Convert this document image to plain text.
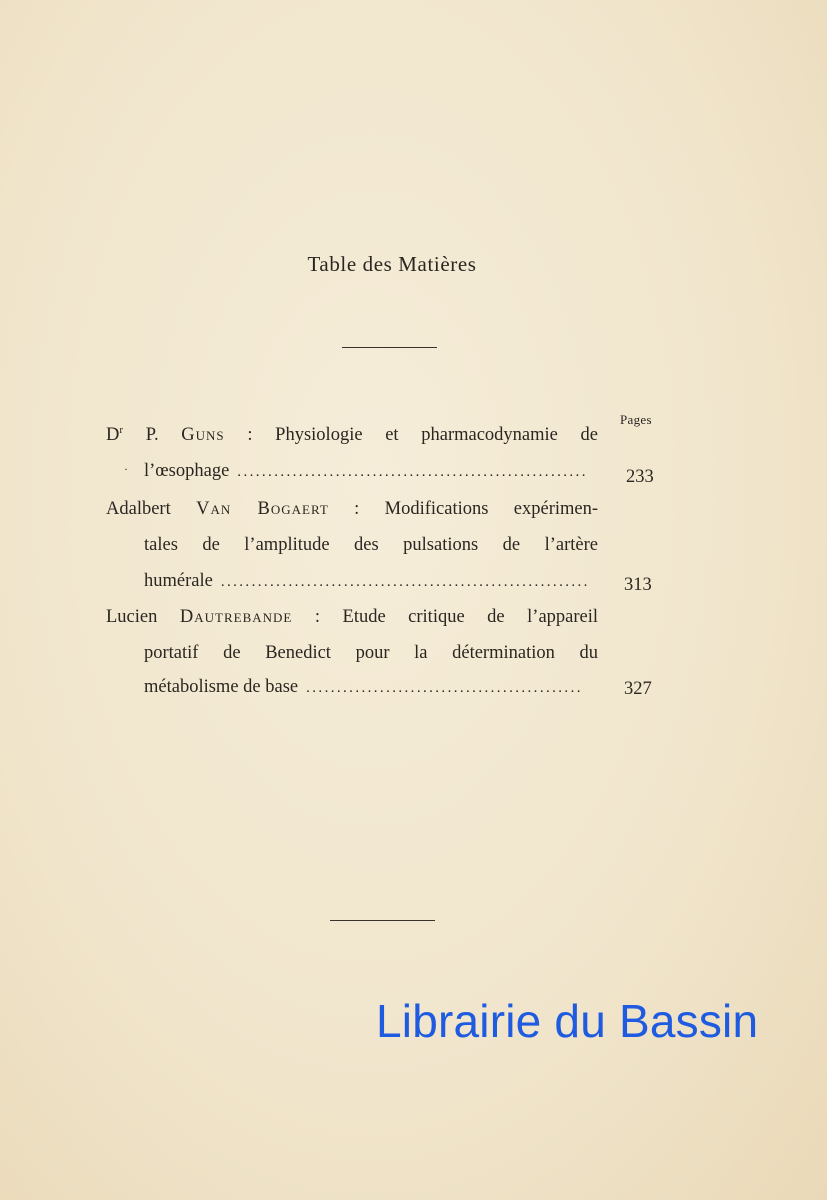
Table des Matières
Pages
$D^r$ P. Guns : Physiologie et pharmacodynamie de
· l’œsophage .....	233
Adalbert Van Bogaert : Modifications expérimen-
tales de l’amplitude des pulsations de l’artère
humérale .....	313
Lucien Dautrebande : Etude critique de l’appareil
portatif de Benedict pour la détermination du
métabolisme de base .....	327
Librairie du Bassin
